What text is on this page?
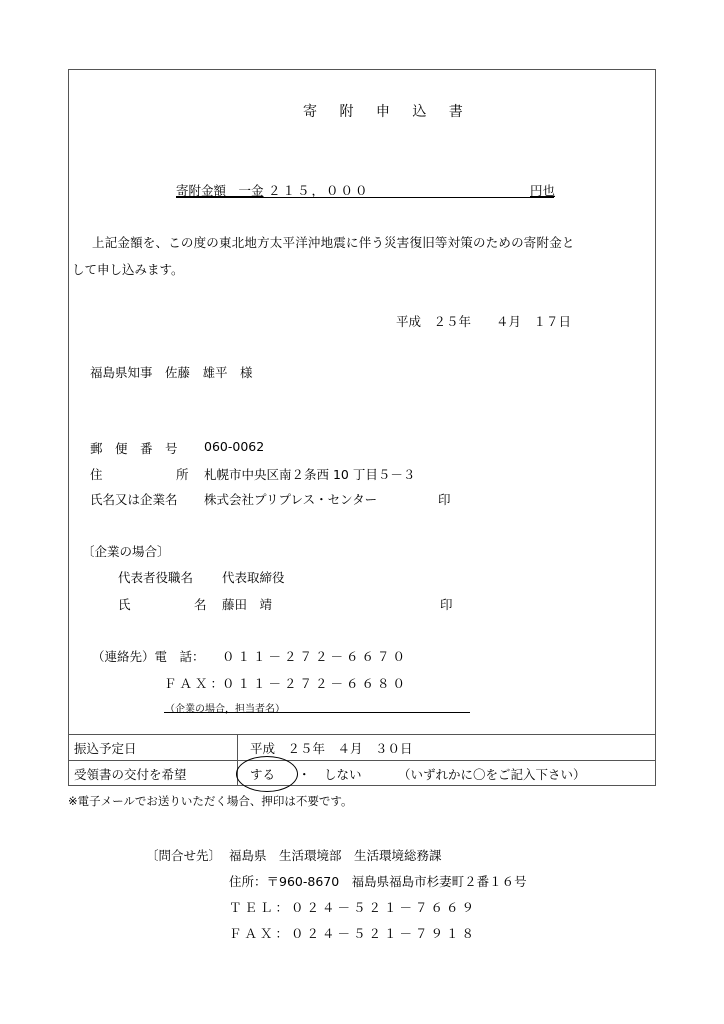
寄 附 申 込 書
寄附金額　一金 ２１５，０００	円也
上記金額を、この度の東北地方太平洋沖地震に伴う災害復旧等対策のための寄附金と
して申し込みます。
平成　２５年　　４月　１７日
福島県知事　佐藤　雄平　様
郵　便　番　号 060-0062
住	所 札幌市中央区南２条西 10 丁目５－３
氏名又は企業名 株式会社プリプレス・センター	印
〔企業の場合〕
代表者役職名 代表取締役
氏	名 藤田　靖	印
（連絡先）電　話： ０１１－２７２－６６７０
ＦＡＸ：
０１１－２７２－６６８０
（企業の場合，担当者名）
振込予定日	平成　２５年　４月　３０日
受領書の交付を希望	する ・ しない	（いずれかに〇をご記入下さい）
※電子メールでお送りいただく場合、押印は不要です。
〔問合せ先〕 福島県　生活環境部　生活環境総務課
住所：〒960-8670　福島県福島市杉妻町２番１６号
ＴＥＬ：０２４－５２１－７６６９
ＦＡＸ：０２４－５２１－７９１８
